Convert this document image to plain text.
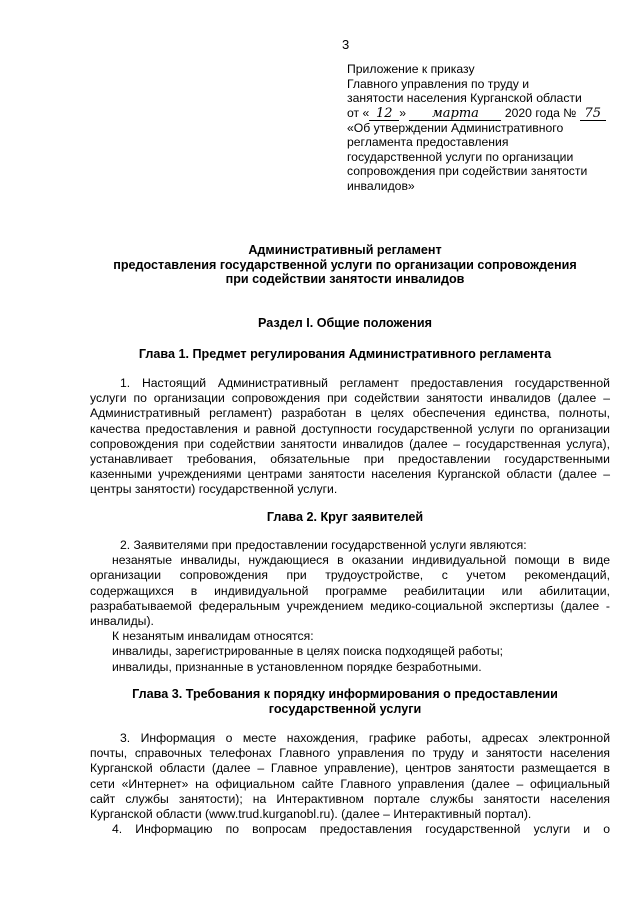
3
Приложение к приказу
Главного управления по труду и
занятости населения Курганской области
от « 12 » марта 2020 года № 75
«Об утверждении Административного
регламента предоставления
государственной услуги по организации
сопровождения при содействии занятости
инвалидов»
Административный регламент
предоставления государственной услуги по организации сопровождения
при содействии занятости инвалидов
Раздел I. Общие положения
Глава 1. Предмет регулирования Административного регламента
1. Настоящий Административный регламент предоставления государственной
услуги по организации сопровождения при содействии занятости инвалидов (далее –
Административный регламент) разработан в целях обеспечения единства, полноты,
качества предоставления и равной доступности государственной услуги по организации
сопровождения при содействии занятости инвалидов (далее – государственная услуга),
устанавливает требования, обязательные при предоставлении государственными
казенными учреждениями центрами занятости населения Курганской области (далее –
центры занятости) государственной услуги.
Глава 2. Круг заявителей
2. Заявителями при предоставлении государственной услуги являются:
незанятые инвалиды, нуждающиеся в оказании индивидуальной помощи в виде
организации сопровождения при трудоустройстве, с учетом рекомендаций,
содержащихся в индивидуальной программе реабилитации или абилитации,
разрабатываемой федеральным учреждением медико-социальной экспертизы (далее -
инвалиды).
К незанятым инвалидам относятся:
инвалиды, зарегистрированные в целях поиска подходящей работы;
инвалиды, признанные в установленном порядке безработными.
Глава 3. Требования к порядку информирования о предоставлении
государственной услуги
3. Информация о месте нахождения, графике работы, адресах электронной
почты, справочных телефонах Главного управления по труду и занятости населения
Курганской области (далее – Главное управление), центров занятости размещается в
сети «Интернет» на официальном сайте Главного управления (далее – официальный
сайт службы занятости); на Интерактивном портале службы занятости населения
Курганской области (www.trud.kurganobl.ru). (далее – Интерактивный портал).
4. Информацию по вопросам предоставления государственной услуги и о
